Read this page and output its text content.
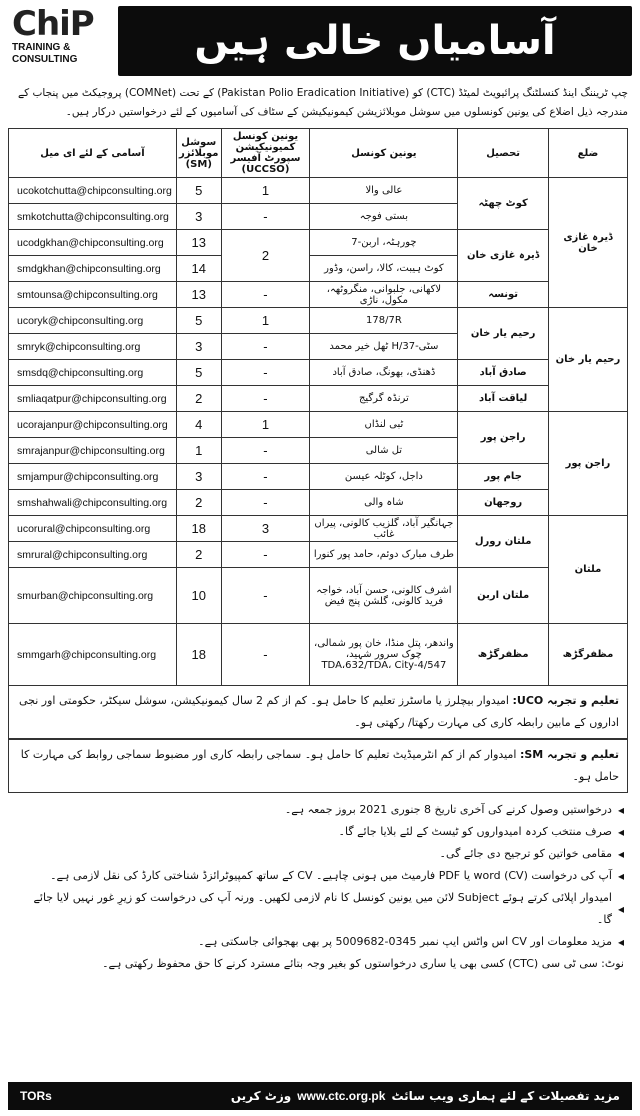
ChiP
TRAINING &
CONSULTING	آسامیاں خالی ہیں

چپ ٹریننگ اینڈ کنسلٹنگ پرائیویٹ لمیٹڈ (CTC) کو (Pakistan Polio Eradication Initiative) کے تحت (COMNet) پروجیکٹ میں پنجاب کے مندرجہ ذیل اضلاع کی یونین کونسلوں میں سوشل موبلائزیشن کیمونیکیشن کے سٹاف کی آسامیوں کے لئے درخواستیں درکار ہیں۔

ضلع	تحصیل	یونین کونسل	یونین کونسل کمیونیکیشن سپورٹ آفیسر (UCCSO)	سوشل موبلائزر (SM)	آسامی کے لئے ای میل
ڈیرہ غازی خان	کوٹ چھٹہ	عالی والا	1	5	ucokotchutta@chipconsulting.org
		بستی فوجہ	-	3	smkotchutta@chipconsulting.org
	ڈیرہ غازی خان	چورہٹہ، اربن-7	2	13	ucodgkhan@chipconsulting.org
		کوٹ ہیبت، کالا، راسن، وڈور		14	smdgkhan@chipconsulting.org
	تونسہ	لاکھانی، جلبوانی، منگروٹھہ، مکول، ناڑی	-	13	smtounsa@chipconsulting.org
رحیم یار خان	رحیم یار خان	178/7R	1	5	ucoryk@chipconsulting.org
		سٹی-37/H ٹھل خیر محمد	-	3	smryk@chipconsulting.org
	صادق آباد	ڈھنڈی، بھونگ، صادق آباد	-	5	smsdq@chipconsulting.org
	لیاقت آباد	ترنڈہ گرگیج	-	2	smliaqatpur@chipconsulting.org
راجن پور	راجن پور	ٹبی لنڈاں	1	4	ucorajanpur@chipconsulting.org
		تل شالی	-	1	smrajanpur@chipconsulting.org
	جام پور	داجل، کوٹلہ عیسن	-	3	smjampur@chipconsulting.org
	روجھان	شاہ والی	-	2	smshahwali@chipconsulting.org
ملتان	ملتان رورل	جہانگیر آباد، گلزیب کالونی، پیراں غائب	3	18	ucorural@chipconsulting.org
		طرف مبارک دوئم، حامد پور کنورا	-	2	smrural@chipconsulting.org
	ملتان اربن	اشرف کالونی، حسن آباد، خواجہ فرید کالونی، گلشن پنج فیض	-	10	smurban@chipconsulting.org
مظفرگڑھ	مظفرگڑھ	واندھر، پتل منڈا، خان پور شمالی، چوک سرور شہید، 547/TDA،632/TDA، City-4	-	18	smmgarh@chipconsulting.org
تعلیم و تجربہ UCO: امیدوار بیچلرز یا ماسٹرز تعلیم کا حامل ہو۔ کم از کم 2 سال کیمونیکیشن، سوشل سیکٹر، حکومتی اور نجی اداروں کے مابین رابطہ کاری کی مہارت رکھتا/ رکھتی ہو۔
تعلیم و تجربہ SM: امیدوار کم از کم انٹرمیڈیٹ تعلیم کا حامل ہو۔ سماجی رابطہ کاری اور مضبوط سماجی روابط کی مہارت کا حامل ہو۔
◂
درخواستیں وصول کرنے کی آخری تاریخ 8 جنوری 2021 بروز جمعہ ہے۔
◂
صرف منتخب کردہ امیدواروں کو ٹیسٹ کے لئے بلایا جائے گا۔
◂
مقامی خواتین کو ترجیح دی جائے گی۔
◂
آپ کی درخواست (CV) word یا PDF فارمیٹ میں ہونی چاہیے۔ CV کے ساتھ کمپیوٹرائزڈ شناختی کارڈ کی نقل لازمی ہے۔
◂
امیدوار اپلائی کرتے ہوئے Subject لائن میں یونین کونسل کا نام لازمی لکھیں۔ ورنہ آپ کی درخواست کو زیرِ غور نہیں لایا جائے گا۔
◂
مزید معلومات اور CV اس واٹس ایپ نمبر 0345-5009682 پر بھی بھجوائی جاسکتی ہے۔
نوٹ: سی ٹی سی (CTC) کسی بھی یا ساری درخواستوں کو بغیر وجہ بتائے مسترد کرنے کا حق محفوظ رکھتی ہے۔
TORs	مزید تفصیلات کے لئے ہماری ویب سائٹ
www.ctc.org.pk
وزٹ کریں
